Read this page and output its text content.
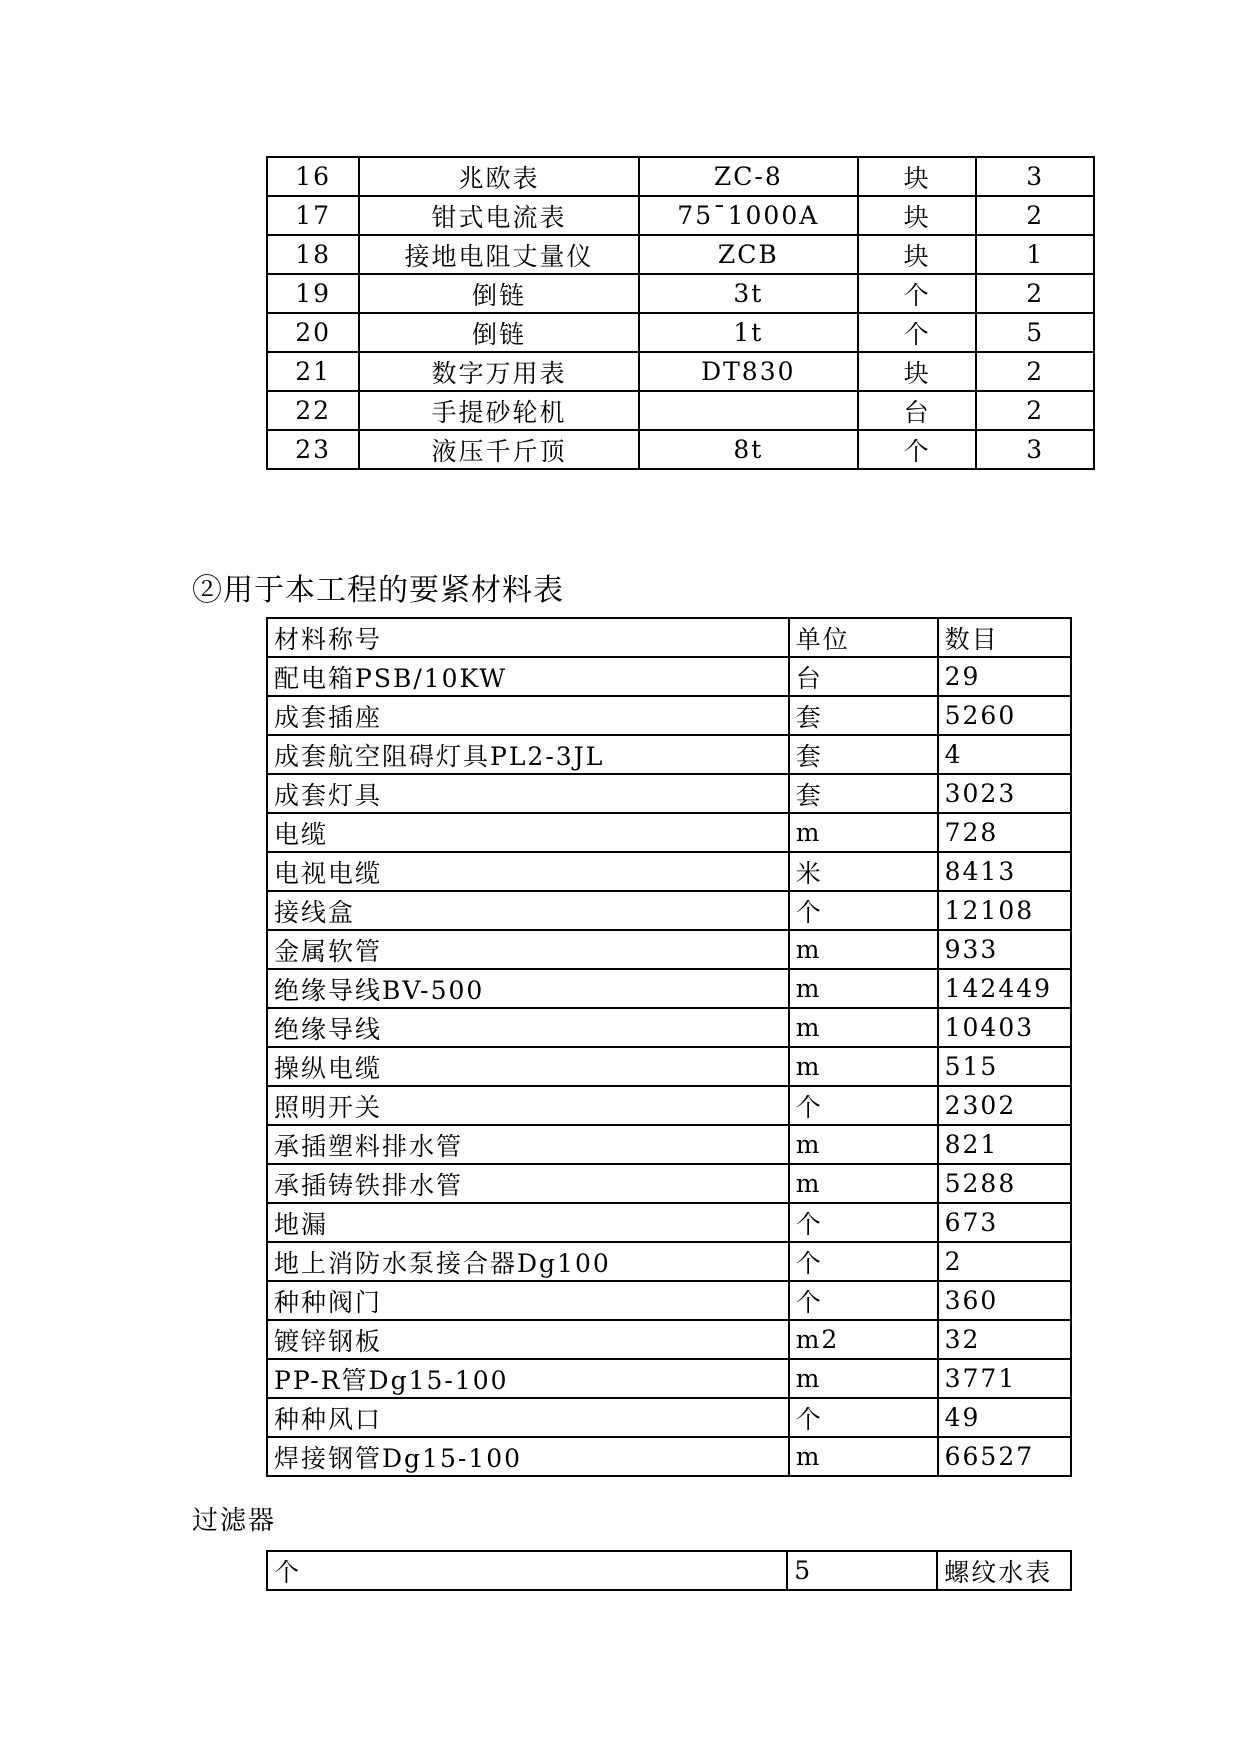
16	兆欧表	ZC-8	块	3
17	钳式电流表	75¯1000A	块	2
18	接地电阻丈量仪	ZCB	块	1
19	倒链	3t	个	2
20	倒链	1t	个	5
21	数字万用表	DT830	块	2
22	手提砂轮机		台	2
23	液压千斤顶	8t	个	3
②用于本工程的要紧材料表
材料称号	单位	数目
配电箱PSB/10KW	台	29
成套插座	套	5260
成套航空阻碍灯具PL2-3JL	套	4
成套灯具	套	3023
电缆	m	728
电视电缆	米	8413
接线盒	个	12108
金属软管	m	933
绝缘导线BV-500	m	142449
绝缘导线	m	10403
操纵电缆	m	515
照明开关	个	2302
承插塑料排水管	m	821
承插铸铁排水管	m	5288
地漏	个	673
地上消防水泵接合器Dg100	个	2
种种阀门	个	360
镀锌钢板	m2	32
PP-R管Dg15-100	m	3771
种种风口	个	49
焊接钢管Dg15-100	m	66527
过滤器
个	5	螺纹水表
